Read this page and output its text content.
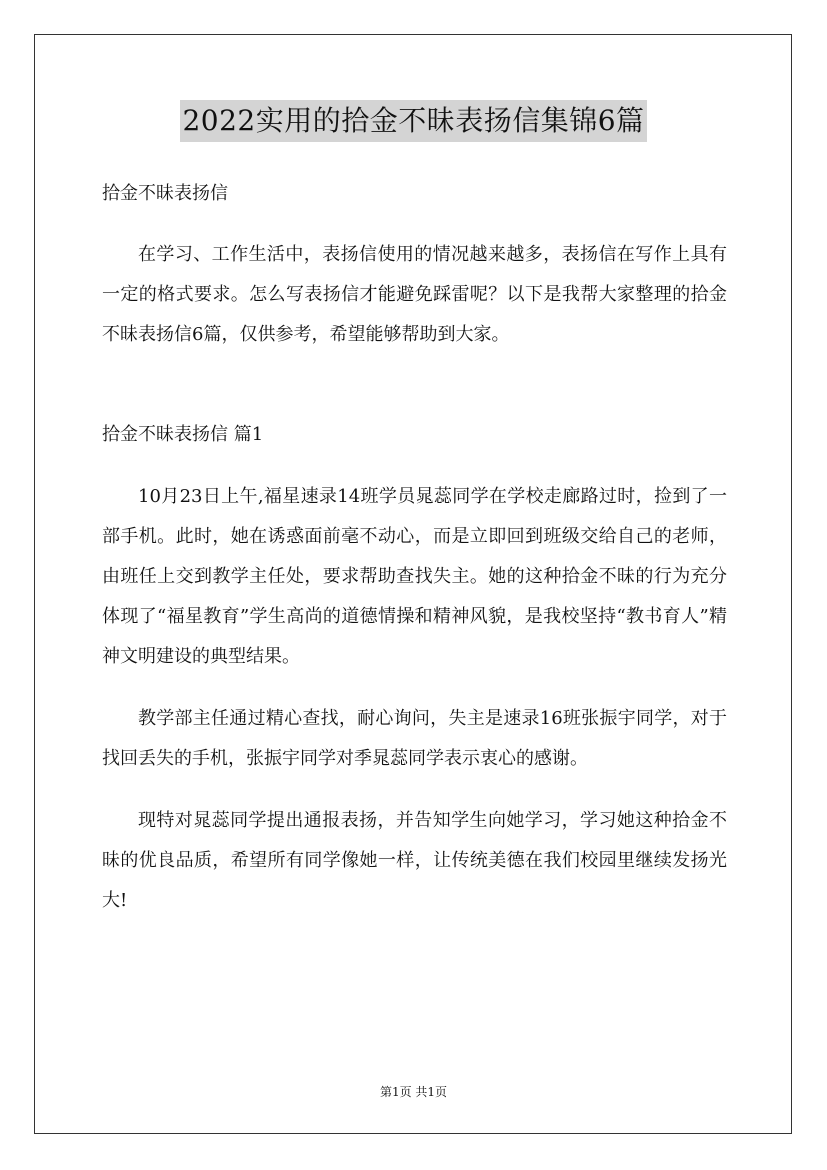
2022实用的拾金不昧表扬信集锦6篇
拾金不昧表扬信

在学习、工作生活中，表扬信使用的情况越来越多，表扬信在写作上具有一定的格式要求。怎么写表扬信才能避免踩雷呢？以下是我帮大家整理的拾金不昧表扬信6篇，仅供参考，希望能够帮助到大家。

拾金不昧表扬信 篇1

10月23日上午,福星速录14班学员晁蕊同学在学校走廊路过时，捡到了一部手机。此时，她在诱惑面前毫不动心，而是立即回到班级交给自己的老师，由班任上交到教学主任处，要求帮助查找失主。她的这种拾金不昧的行为充分体现了“福星教育”学生高尚的道德情操和精神风貌，是我校坚持“教书育人”精神文明建设的典型结果。

教学部主任通过精心查找，耐心询问，失主是速录16班张振宇同学，对于找回丢失的手机，张振宇同学对季晁蕊同学表示衷心的感谢。

现特对晁蕊同学提出通报表扬，并告知学生向她学习，学习她这种拾金不昧的优良品质，希望所有同学像她一样，让传统美德在我们校园里继续发扬光大!

第1页 共1页
